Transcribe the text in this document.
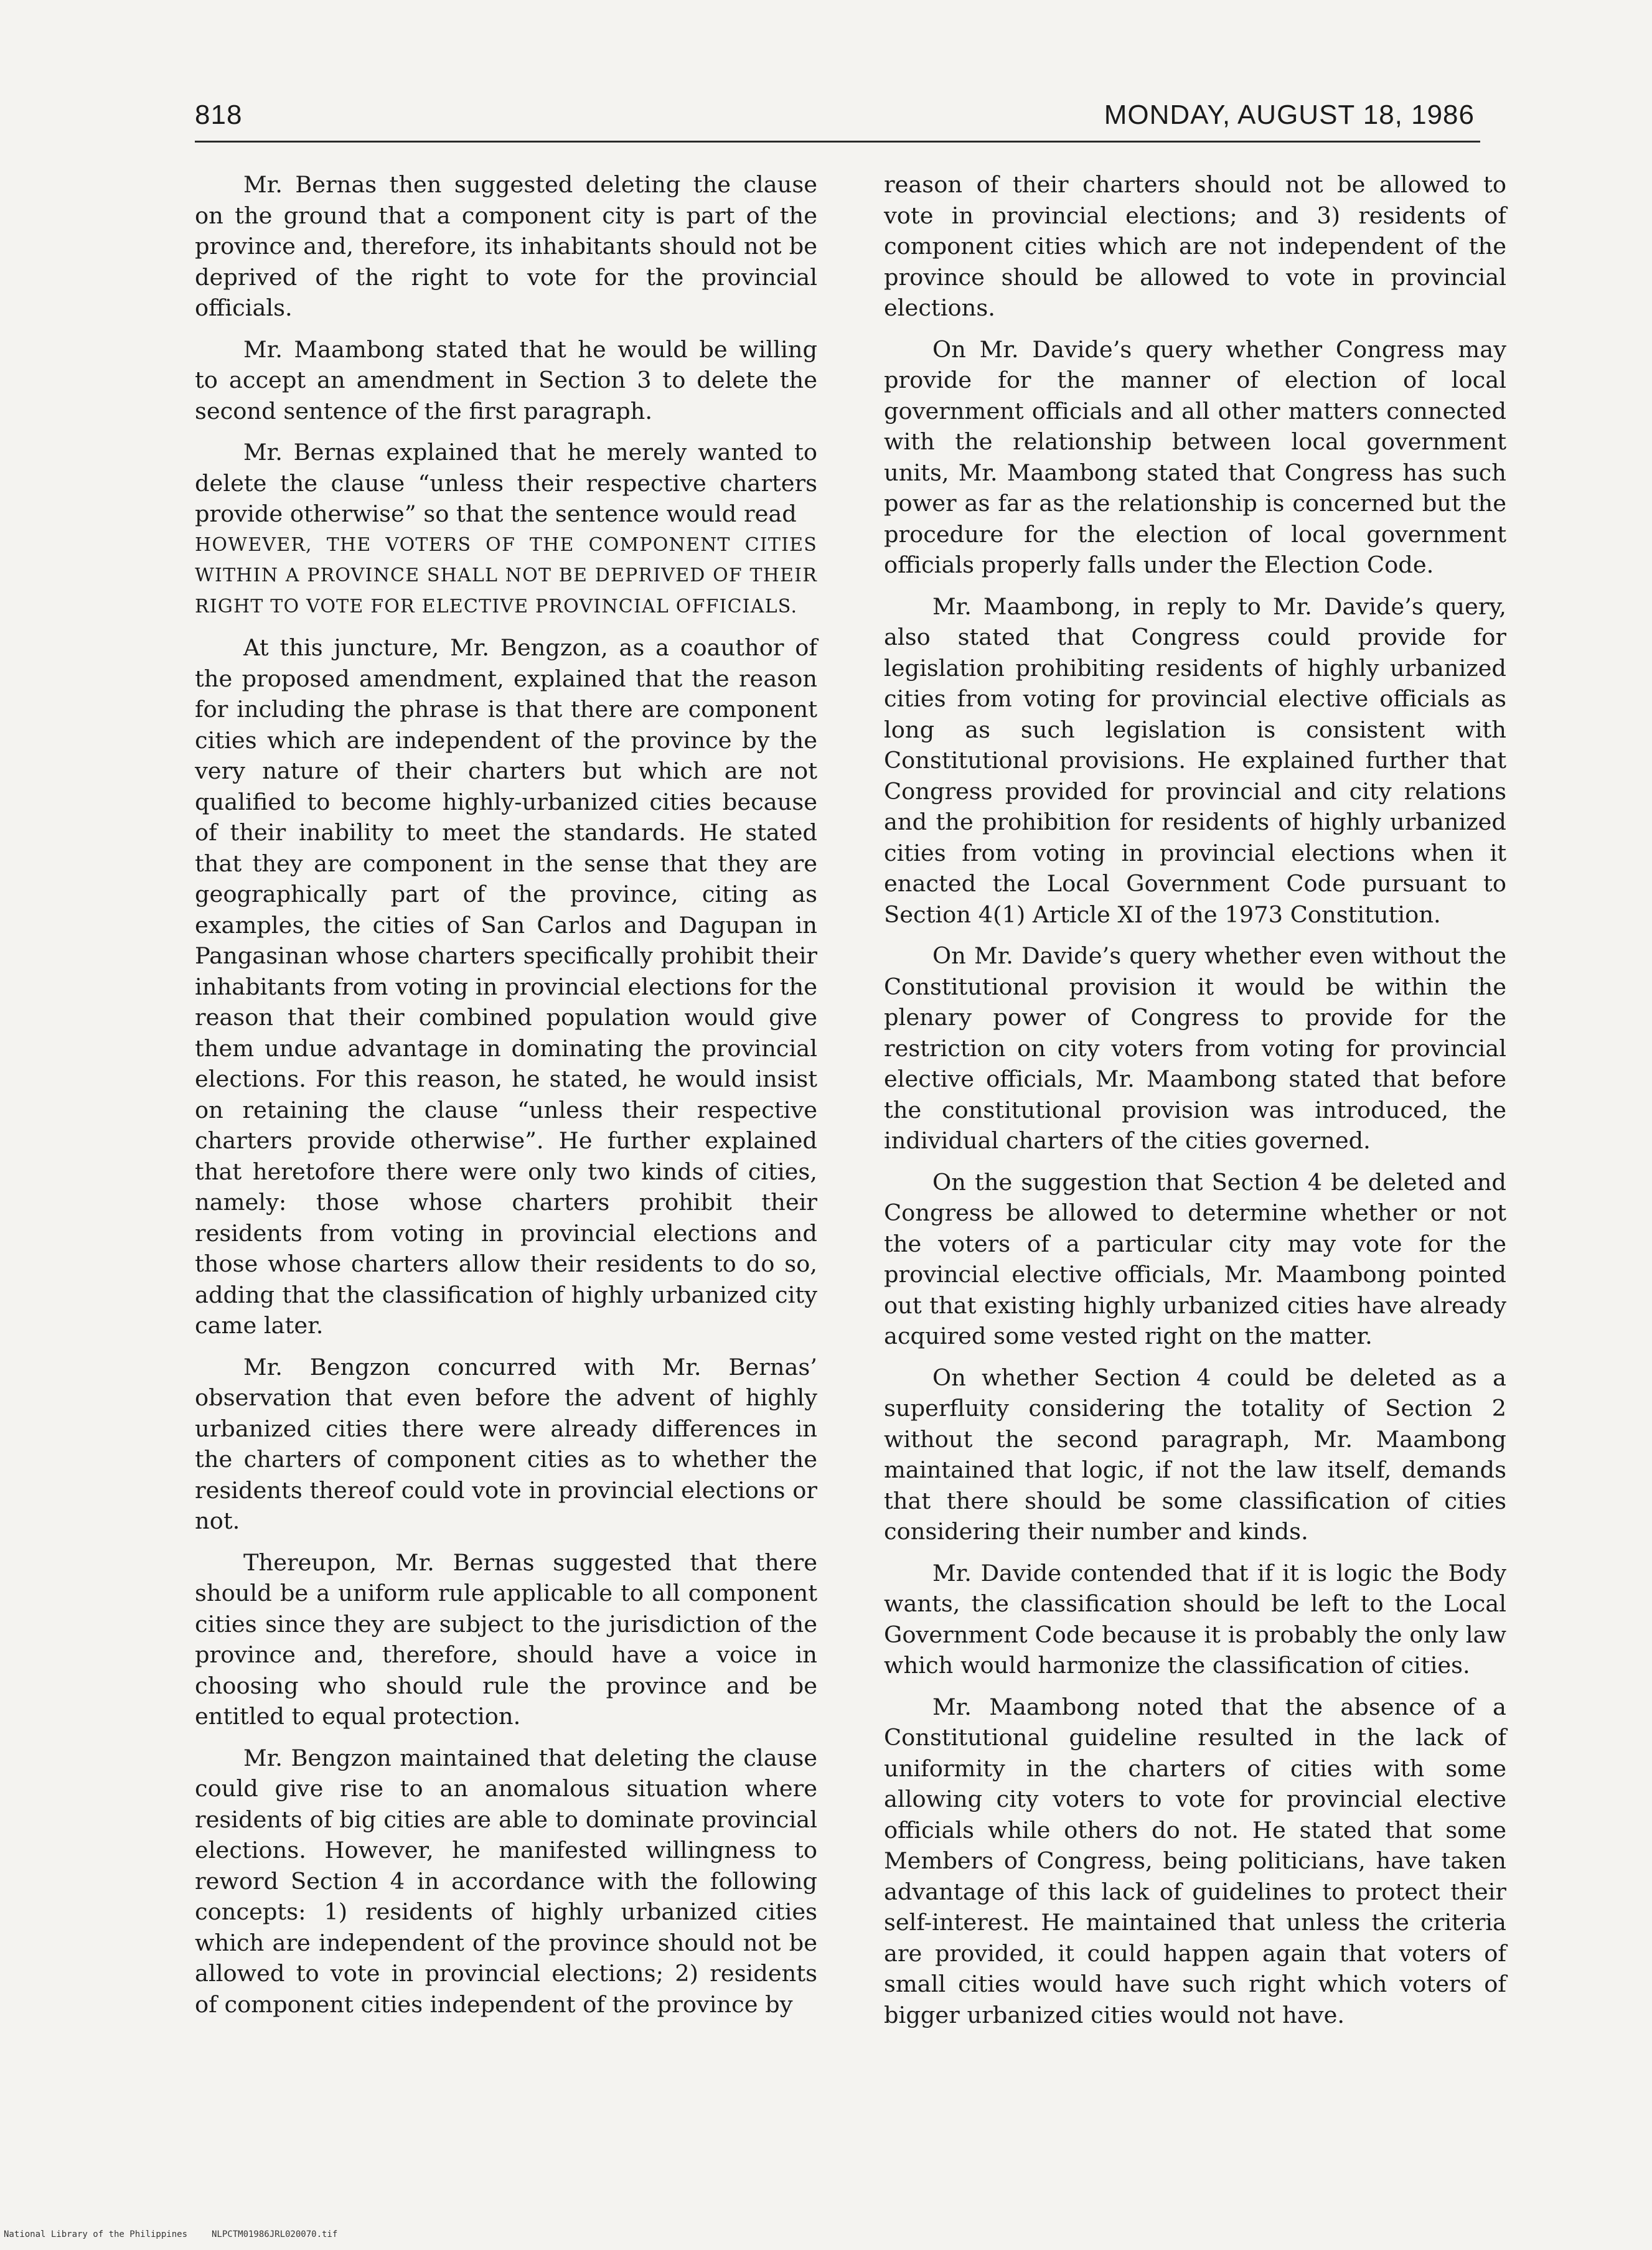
818	MONDAY, AUGUST 18, 1986

Mr. Bernas then suggested deleting the clause on the ground that a component city is part of the province and, therefore, its inhabitants should not be deprived of the right to vote for the provincial officials.

Mr. Maambong stated that he would be willing to accept an amendment in Section 3 to delete the second sentence of the first paragraph.

Mr. Bernas explained that he merely wanted to delete the clause “unless their respective charters provide otherwise” so that the sentence would read

HOWEVER, THE VOTERS OF THE COMPONENT CITIES WITHIN A PROVINCE SHALL NOT BE DEPRIVED OF THEIR RIGHT TO VOTE FOR ELECTIVE PROVINCIAL OFFICIALS.

At this juncture, Mr. Bengzon, as a coauthor of the proposed amendment, explained that the reason for including the phrase is that there are component cities which are independent of the province by the very nature of their charters but which are not qualified to become highly-urbanized cities because of their inability to meet the standards. He stated that they are component in the sense that they are geographically part of the province, citing as examples, the cities of San Carlos and Dagupan in Pangasinan whose charters specifically prohibit their inhabitants from voting in provincial elections for the reason that their combined population would give them undue advantage in dominating the provincial elections. For this reason, he stated, he would insist on retaining the clause “unless their respective charters provide otherwise”. He further explained that heretofore there were only two kinds of cities, namely: those whose charters prohibit their residents from voting in provincial elections and those whose charters allow their residents to do so, adding that the classification of highly urbanized city came later.

Mr. Bengzon concurred with Mr. Bernas’ observation that even before the advent of highly urbanized cities there were already differences in the charters of component cities as to whether the residents thereof could vote in provincial elections or not.

Thereupon, Mr. Bernas suggested that there should be a uniform rule applicable to all component cities since they are subject to the jurisdiction of the province and, therefore, should have a voice in choosing who should rule the province and be entitled to equal protection.

Mr. Bengzon maintained that deleting the clause could give rise to an anomalous situation where residents of big cities are able to dominate provincial elections. However, he manifested willingness to reword Section 4 in accordance with the following concepts: 1) residents of highly urbanized cities which are independent of the province should not be allowed to vote in provincial elections; 2) residents of component cities independent of the province by

reason of their charters should not be allowed to vote in provincial elections; and 3) residents of component cities which are not independent of the province should be allowed to vote in provincial elections.

On Mr. Davide’s query whether Congress may provide for the manner of election of local government officials and all other matters connected with the relationship between local government units, Mr. Maambong stated that Congress has such power as far as the relationship is concerned but the procedure for the election of local government officials properly falls under the Election Code.

Mr. Maambong, in reply to Mr. Davide’s query, also stated that Congress could provide for legislation prohibiting residents of highly urbanized cities from voting for provincial elective officials as long as such legislation is consistent with Constitutional provisions. He explained further that Congress provided for provincial and city relations and the prohibition for residents of highly urbanized cities from voting in provincial elections when it enacted the Local Government Code pursuant to Section 4(1) Article XI of the 1973 Constitution.

On Mr. Davide’s query whether even without the Constitutional provision it would be within the plenary power of Congress to provide for the restriction on city voters from voting for provincial elective officials, Mr. Maambong stated that before the constitutional provision was introduced, the individual charters of the cities governed.

On the suggestion that Section 4 be deleted and Congress be allowed to determine whether or not the voters of a particular city may vote for the provincial elective officials, Mr. Maambong pointed out that existing highly urbanized cities have already acquired some vested right on the matter.

On whether Section 4 could be deleted as a superfluity considering the totality of Section 2 without the second paragraph, Mr. Maambong maintained that logic, if not the law itself, demands that there should be some classification of cities considering their number and kinds.

Mr. Davide contended that if it is logic the Body wants, the classification should be left to the Local Government Code because it is probably the only law which would harmonize the classification of cities.

Mr. Maambong noted that the absence of a Constitutional guideline resulted in the lack of uniformity in the charters of cities with some allowing city voters to vote for provincial elective officials while others do not. He stated that some Members of Congress, being politicians, have taken advantage of this lack of guidelines to protect their self-interest. He maintained that unless the criteria are provided, it could happen again that voters of small cities would have such right which voters of bigger urbanized cities would not have.

National Library of the Philippines	NLPCTM01986JRL020070.tif
